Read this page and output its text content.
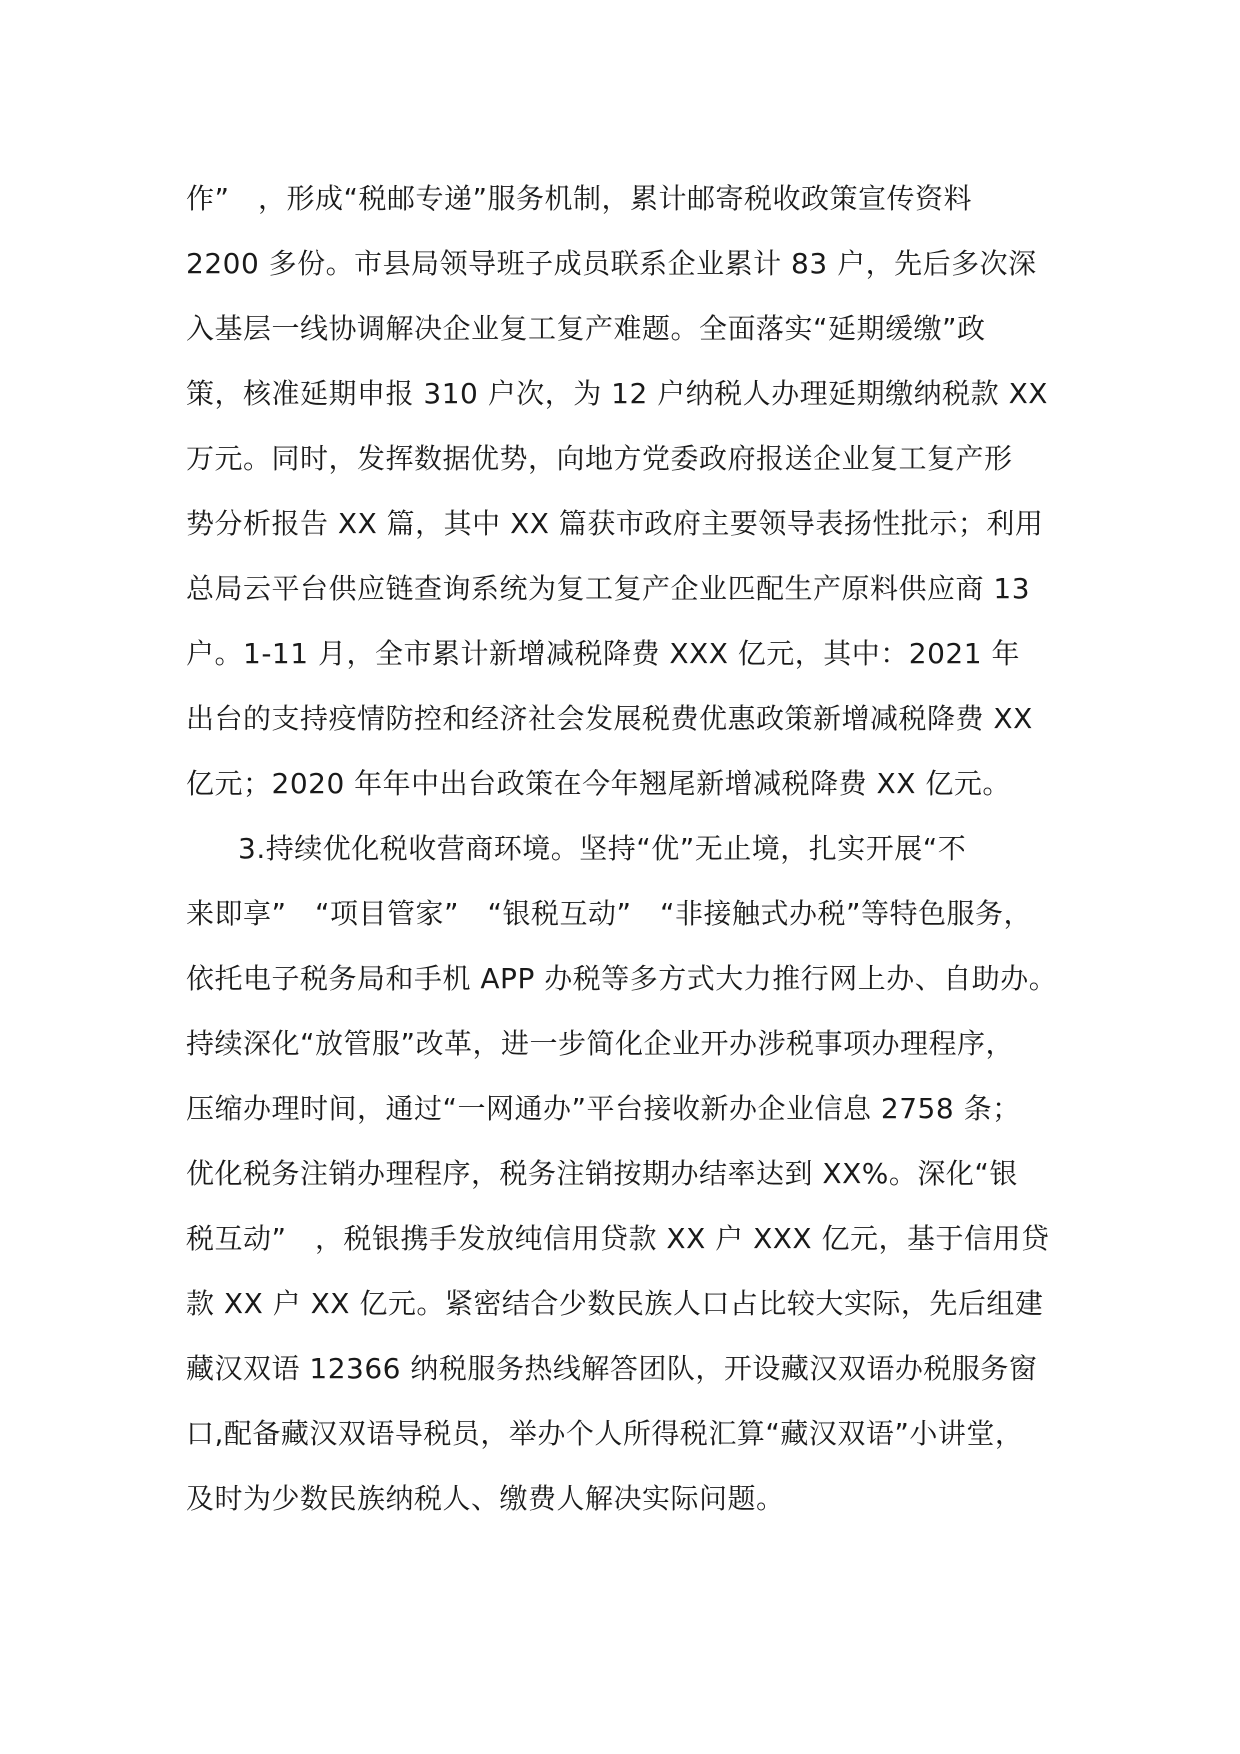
作”　，形成“税邮专递”服务机制，累计邮寄税收政策宣传资料
2200 多份。市县局领导班子成员联系企业累计 83 户，先后多次深
入基层一线协调解决企业复工复产难题。全面落实“延期缓缴”政
策，核准延期申报 310 户次，为 12 户纳税人办理延期缴纳税款 XX
万元。同时，发挥数据优势，向地方党委政府报送企业复工复产形
势分析报告 XX 篇，其中 XX 篇获市政府主要领导表扬性批示；利用
总局云平台供应链查询系统为复工复产企业匹配生产原料供应商 13
户。1-11 月，全市累计新增减税降费 XXX 亿元，其中：2021 年
出台的支持疫情防控和经济社会发展税费优惠政策新增减税降费 XX
亿元；2020 年年中出台政策在今年翘尾新增减税降费 XX 亿元。
3.持续优化税收营商环境。坚持“优”无止境，扎实开展“不
来即享”　“项目管家”　“银税互动”　“非接触式办税”等特色服务，
依托电子税务局和手机 APP 办税等多方式大力推行网上办、自助办。
持续深化“放管服”改革，进一步简化企业开办涉税事项办理程序，
压缩办理时间，通过“一网通办”平台接收新办企业信息 2758 条；
优化税务注销办理程序，税务注销按期办结率达到 XX%。深化“银
税互动”　，税银携手发放纯信用贷款 XX 户 XXX 亿元，基于信用贷
款 XX 户 XX 亿元。紧密结合少数民族人口占比较大实际，先后组建
藏汉双语 12366 纳税服务热线解答团队，开设藏汉双语办税服务窗
口,配备藏汉双语导税员，举办个人所得税汇算“藏汉双语”小讲堂，
及时为少数民族纳税人、缴费人解决实际问题。
